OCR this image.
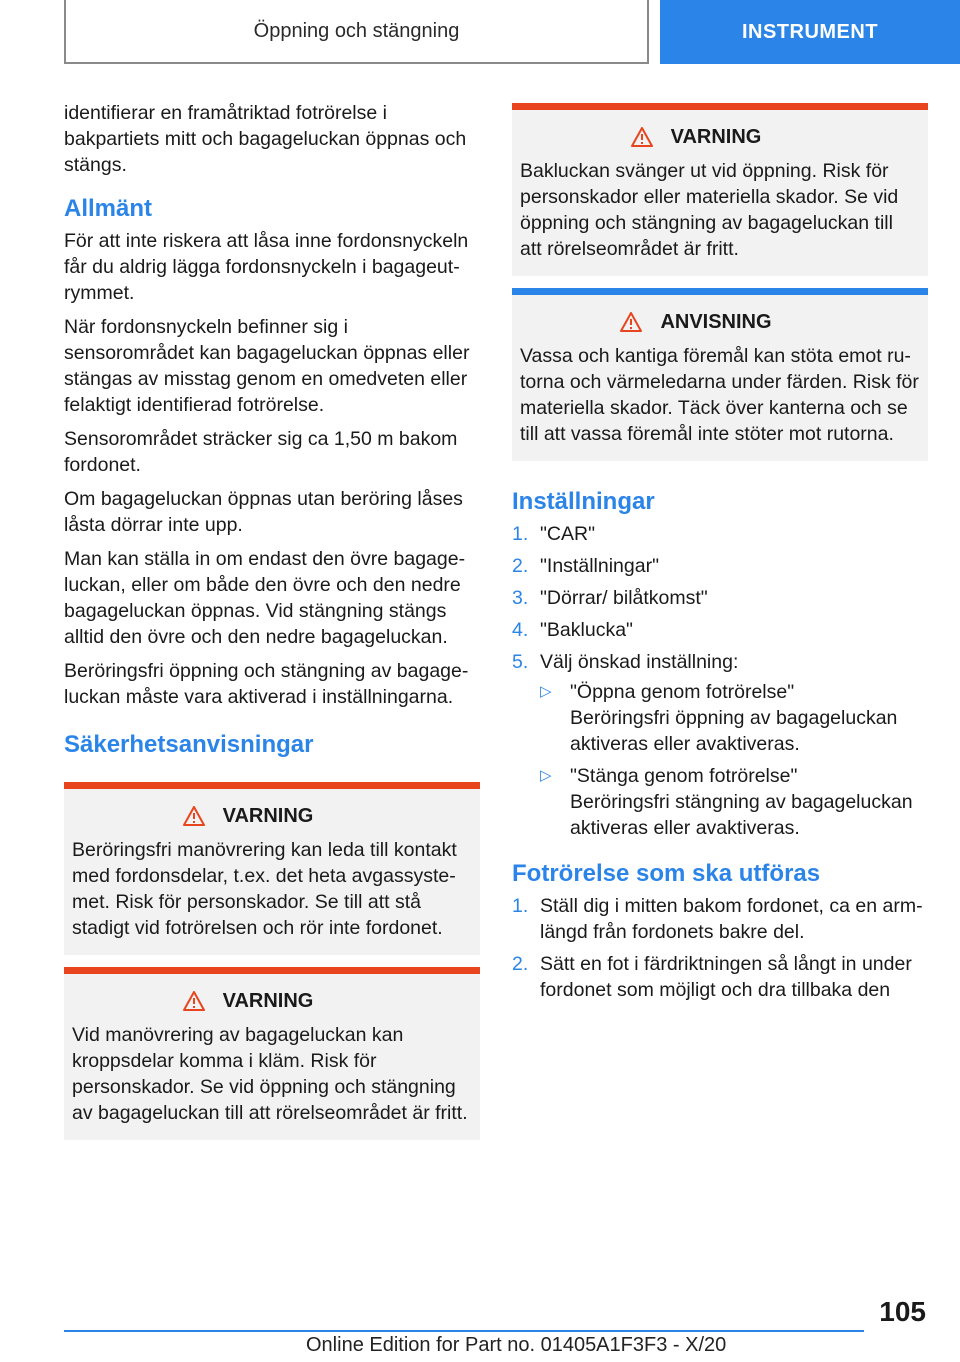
Öppning och stängning	INSTRUMENT

identifierar en framåtriktad fotrörelse i bakpartiets mitt och bagageluckan öppnas och stängs.

Allmänt

För att inte riskera att låsa inne fordonsnyckeln får du aldrig lägga fordonsnyckeln i bagageutrymmet.

När fordonsnyckeln befinner sig i sensorområdet kan bagageluckan öppnas eller stängas av misstag genom en omedveten eller felaktigt identifierad fotrörelse.

Sensorområdet sträcker sig ca 1,50 m bakom fordonet.

Om bagageluckan öppnas utan beröring låses låsta dörrar inte upp.

Man kan ställa in om endast den övre bagageluckan, eller om både den övre och den nedre bagageluckan öppnas. Vid stängning stängs alltid den övre och den nedre bagageluckan.

Beröringsfri öppning och stängning av bagageluckan måste vara aktiverad i inställningarna.

Säkerhetsanvisningar
VARNING
Beröringsfri manövrering kan leda till kontakt med fordonsdelar, t.ex. det heta avgassystemet. Risk för personskador. Se till att stå stadigt vid fotrörelsen och rör inte fordonet.
VARNING
Vid manövrering av bagageluckan kan kroppsdelar komma i kläm. Risk för personskador. Se vid öppning och stängning av bagageluckan till att rörelseområdet är fritt.
VARNING
Bakluckan svänger ut vid öppning. Risk för personskador eller materiella skador. Se vid öppning och stängning av bagageluckan till att rörelseområdet är fritt.
ANVISNING
Vassa och kantiga föremål kan stöta emot rutorna och värmeledarna under färden. Risk för materiella skador. Täck över kanterna och se till att vassa föremål inte stöter mot rutorna.
Inställningar
1. "CAR"
2. "Inställningar"
3. "Dörrar/ bilåtkomst"
4. "Baklucka"
5. Välj önskad inställning:
▷ "Öppna genom fotrörelse"
Beröringsfri öppning av bagageluckan aktiveras eller avaktiveras.
▷ "Stänga genom fotrörelse"
Beröringsfri stängning av bagageluckan aktiveras eller avaktiveras.
Fotrörelse som ska utföras
1. Ställ dig i mitten bakom fordonet, ca en armlängd från fordonets bakre del.
2. Sätt en fot i färdriktningen så långt in under fordonet som möjligt och dra tillbaka den
105
Online Edition for Part no. 01405A1F3F3 - X/20
